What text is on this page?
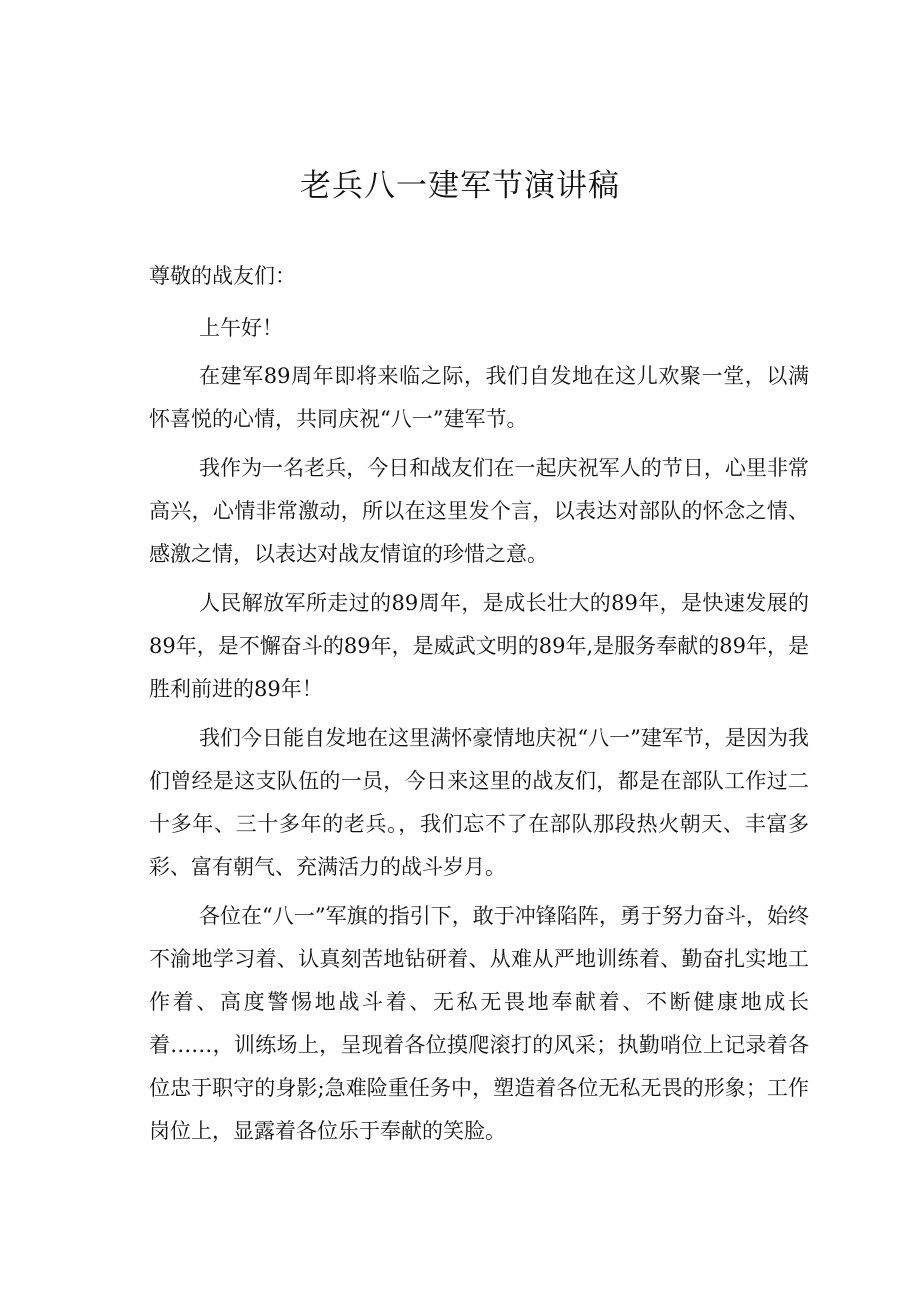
老兵八一建军节演讲稿

尊敬的战友们：

上午好！

在建军89周年即将来临之际，我们自发地在这儿欢聚一堂，以满怀喜悦的心情，共同庆祝“八一”建军节。

我作为一名老兵，今日和战友们在一起庆祝军人的节日，心里非常高兴，心情非常激动，所以在这里发个言，以表达对部队的怀念之情、感激之情，以表达对战友情谊的珍惜之意。

人民解放军所走过的89周年，是成长壮大的89年，是快速发展的89年，是不懈奋斗的89年，是威武文明的89年,是服务奉献的89年，是胜利前进的89年！

我们今日能自发地在这里满怀豪情地庆祝“八一”建军节，是因为我们曾经是这支队伍的一员，今日来这里的战友们，都是在部队工作过二十多年、三十多年的老兵。，我们忘不了在部队那段热火朝天、丰富多彩、富有朝气、充满活力的战斗岁月。

各位在“八一”军旗的指引下，敢于冲锋陷阵，勇于努力奋斗，始终不渝地学习着、认真刻苦地钻研着、从难从严地训练着、勤奋扎实地工作着、高度警惕地战斗着、无私无畏地奉献着、不断健康地成长着……，训练场上，呈现着各位摸爬滚打的风采；执勤哨位上记录着各位忠于职守的身影;急难险重任务中，塑造着各位无私无畏的形象；工作岗位上，显露着各位乐于奉献的笑脸。
